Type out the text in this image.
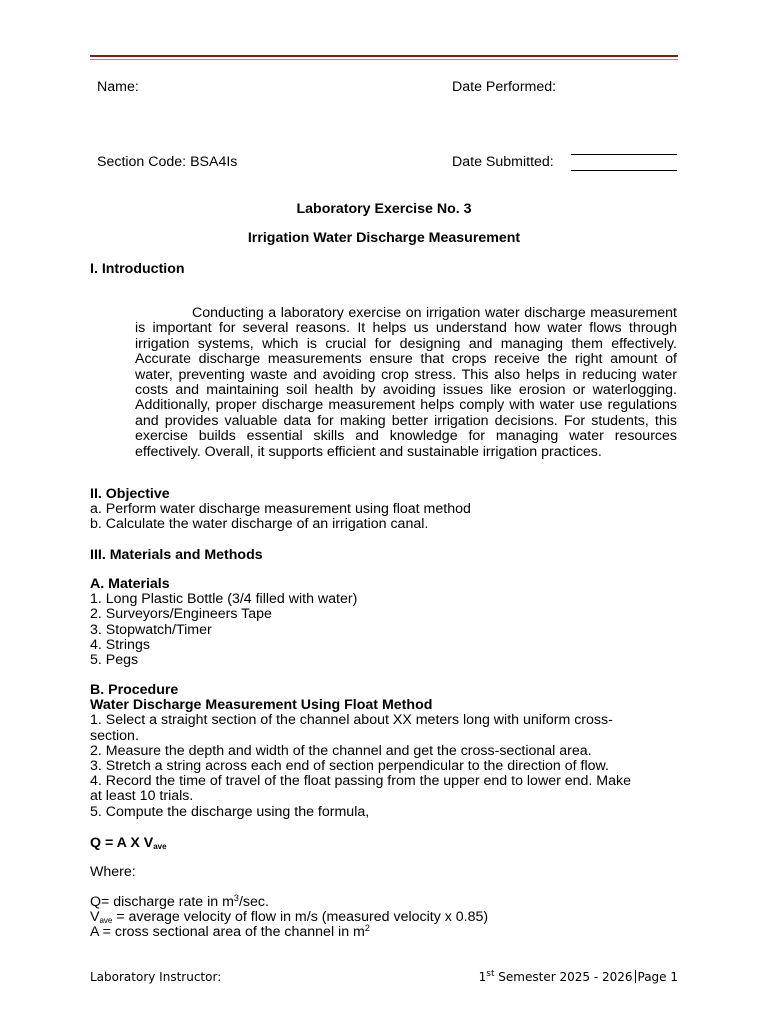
Name:	Date Performed:
Section Code: BSA4Is	Date Submitted:
Laboratory Exercise No. 3
Irrigation Water Discharge Measurement
I. Introduction
Conducting a laboratory exercise on irrigation water discharge measurement is important for several reasons. It helps us understand how water flows through irrigation systems, which is crucial for designing and managing them effectively. Accurate discharge measurements ensure that crops receive the right amount of water, preventing waste and avoiding crop stress. This also helps in reducing water costs and maintaining soil health by avoiding issues like erosion or waterlogging. Additionally, proper discharge measurement helps comply with water use regulations and provides valuable data for making better irrigation decisions. For students, this exercise builds essential skills and knowledge for managing water resources effectively. Overall, it supports efficient and sustainable irrigation practices.
II. Objective
a. Perform water discharge measurement using float method
b. Calculate the water discharge of an irrigation canal.
III. Materials and Methods
A. Materials
1. Long Plastic Bottle (3/4 filled with water)
2. Surveyors/Engineers Tape
3. Stopwatch/Timer
4. Strings
5. Pegs
B. Procedure
Water Discharge Measurement Using Float Method
1. Select a straight section of the channel about XX meters long with uniform cross-
section.
2. Measure the depth and width of the channel and get the cross-sectional area.
3. Stretch a string across each end of section perpendicular to the direction of flow.
4. Record the time of travel of the float passing from the upper end to lower end. Make
at least 10 trials.
5. Compute the discharge using the formula,
Q = A X $V_{ave}$
Where:
Q= discharge rate in $m^3/\sec$.
$V_{ave}$ = average velocity of flow in m/s (measured velocity x 0.85)
A = cross sectional area of the channel in $m^2$
Laboratory Instructor:	1st Semester 2025 - 2026 Page 1
